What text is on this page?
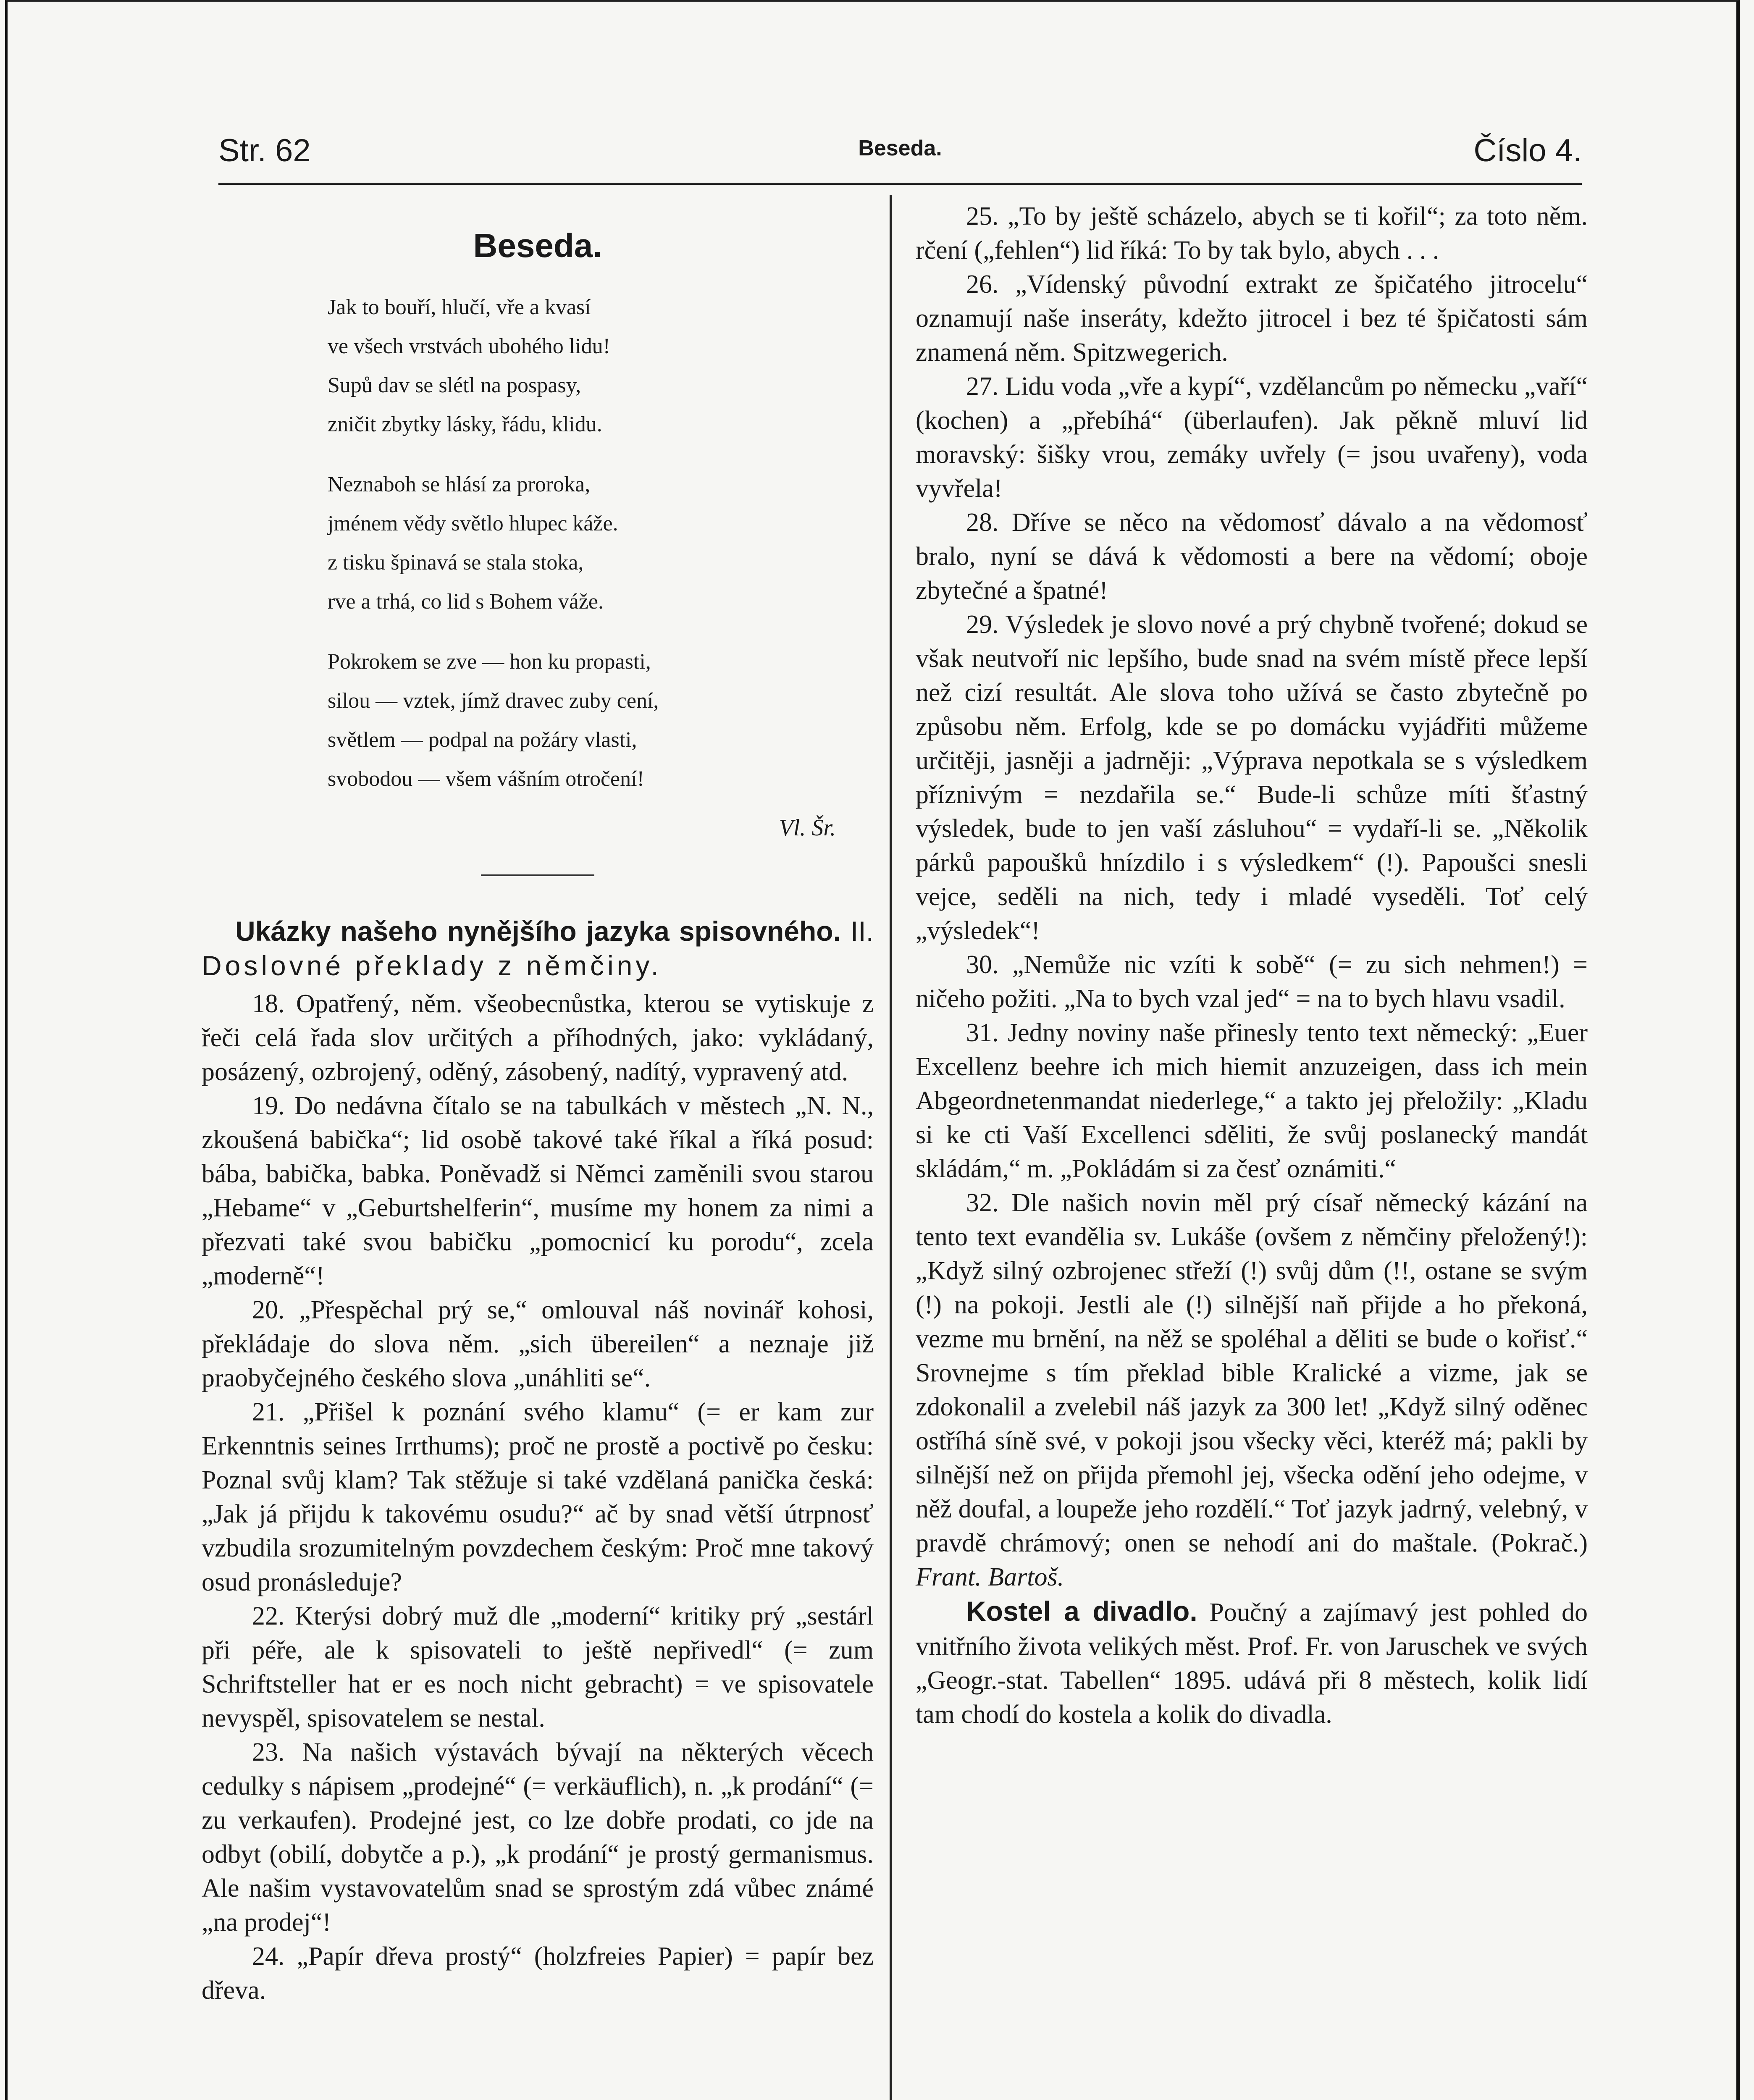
Str. 62	Beseda.	Číslo 4.
Beseda.
Jak to bouří, hlučí, vře a kvasí
ve všech vrstvách ubohého lidu!
Supů dav se slétl na pospasy,
zničit zbytky lásky, řádu, klidu.
Neznaboh se hlásí za proroka,
jménem vědy světlo hlupec káže.
z tisku špinavá se stala stoka,
rve a trhá, co lid s Bohem váže.
Pokrokem se zve — hon ku propasti,
silou — vztek, jímž dravec zuby cení,
světlem — podpal na požáry vlasti,
svobodou — všem vášním otročení!
Vl. Šr.
Ukázky našeho nynějšího jazyka spisovného. II. Doslovné překlady z němčiny.

18. Opatřený, něm. všeobecnůstka, kterou se vytiskuje z řeči celá řada slov určitých a příhodných, jako: vykládaný, posázený, ozbrojený, oděný, zásobený, nadítý, vypravený atd.

19. Do nedávna čítalo se na tabulkách v městech „N. N., zkoušená babička“; lid osobě takové také říkal a říká posud: bába, babička, babka. Poněvadž si Němci zaměnili svou starou „Hebame“ v „Geburtshelferin“, musíme my honem za nimi a přezvati také svou babičku „pomocnicí ku porodu“, zcela „moderně“!

20. „Přespěchal prý se,“ omlouval náš novinář kohosi, překládaje do slova něm. „sich übereilen“ a neznaje již praobyčejného českého slova „unáhliti se“.

21. „Přišel k poznání svého klamu“ (= er kam zur Erkenntnis seines Irrthums); proč ne prostě a poctivě po česku: Poznal svůj klam? Tak stěžuje si také vzdělaná panička česká: „Jak já přijdu k takovému osudu?“ ač by snad větší útrpnosť vzbudila srozumitelným povzdechem českým: Proč mne takový osud pronásleduje?

22. Kterýsi dobrý muž dle „moderní“ kritiky prý „sestárl při péře, ale k spisovateli to ještě nepřivedl“ (= zum Schriftsteller hat er es noch nicht gebracht) = ve spisovatele nevyspěl, spisovatelem se nestal.

23. Na našich výstavách bývají na některých věcech cedulky s nápisem „prodejné“ (= verkäuflich), n. „k prodání“ (= zu verkaufen). Prodejné jest, co lze dobře prodati, co jde na odbyt (obilí, dobytče a p.), „k prodání“ je prostý germanismus. Ale našim vystavovatelům snad se sprostým zdá vůbec známé „na prodej“!

24. „Papír dřeva prostý“ (holzfreies Papier) = papír bez dřeva.

25. „To by ještě scházelo, abych se ti kořil“; za toto něm. rčení („fehlen“) lid říká: To by tak bylo, abych . . .

26. „Vídenský původní extrakt ze špičatého jitrocelu“ oznamují naše inseráty, kdežto jitrocel i bez té špičatosti sám znamená něm. Spitzwegerich.

27. Lidu voda „vře a kypí“, vzdělancům po německu „vaří“ (kochen) a „přebíhá“ (überlaufen). Jak pěkně mluví lid moravský: šišky vrou, zemáky uvřely (= jsou uvařeny), voda vyvřela!

28. Dříve se něco na vědomosť dávalo a na vědomosť bralo, nyní se dává k vědomosti a bere na vědomí; oboje zbytečné a špatné!

29. Výsledek je slovo nové a prý chybně tvořené; dokud se však neutvoří nic lepšího, bude snad na svém místě přece lepší než cizí resultát. Ale slova toho užívá se často zbytečně po způsobu něm. Erfolg, kde se po domácku vyjádřiti můžeme určitěji, jasněji a jadrněji: „Výprava nepotkala se s výsledkem příznivým = nezdařila se.“ Bude-li schůze míti šťastný výsledek, bude to jen vaší zásluhou“ = vydaří-li se. „Několik párků papoušků hnízdilo i s výsledkem“ (!). Papoušci snesli vejce, seděli na nich, tedy i mladé vyseděli. Toť celý „výsledek“!

30. „Nemůže nic vzíti k sobě“ (= zu sich nehmen!) = ničeho požiti. „Na to bych vzal jed“ = na to bych hlavu vsadil.

31. Jedny noviny naše přinesly tento text německý: „Euer Excellenz beehre ich mich hiemit anzuzeigen, dass ich mein Abgeordnetenmandat niederlege,“ a takto jej přeložily: „Kladu si ke cti Vaší Excellenci sděliti, že svůj poslanecký mandát skládám,“ m. „Pokládám si za česť oznámiti.“

32. Dle našich novin měl prý císař německý kázání na tento text evandělia sv. Lukáše (ovšem z němčiny přeložený!): „Když silný ozbrojenec střeží (!) svůj dům (!!, ostane se svým (!) na pokoji. Jestli ale (!) silnější naň přijde a ho překoná, vezme mu brnění, na něž se spoléhal a děliti se bude o kořisť.“ Srovnejme s tím překlad bible Kralické a vizme, jak se zdokonalil a zvelebil náš jazyk za 300 let! „Když silný oděnec ostříhá síně své, v pokoji jsou všecky věci, kteréž má; pakli by silnější než on přijda přemohl jej, všecka odění jeho odejme, v něž doufal, a loupeže jeho rozdělí.“ Toť jazyk jadrný, velebný, v pravdě chrámový; onen se nehodí ani do maštale. (Pokrač.) Frant. Bartoš.

Kostel a divadlo. Poučný a zajímavý jest pohled do vnitřního života velikých měst. Prof. Fr. von Jaruschek ve svých „Geogr.-stat. Tabellen“ 1895. udává při 8 městech, kolik lidí tam chodí do kostela a kolik do divadla.
